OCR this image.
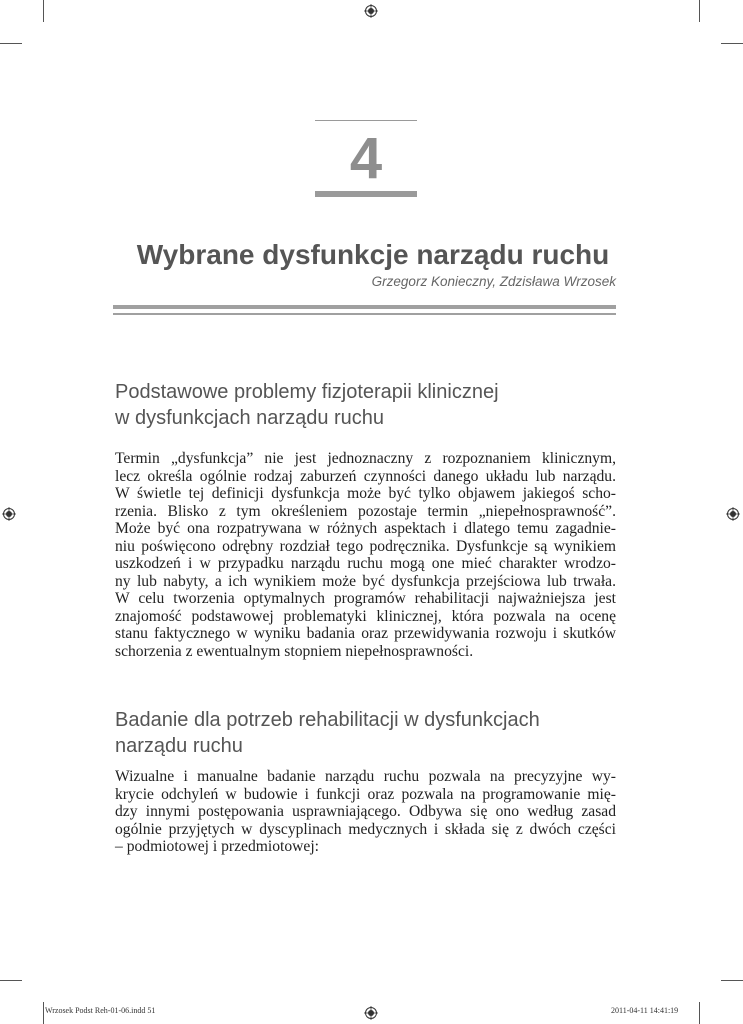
4
Wybrane dysfunkcje narządu ruchu
Grzegorz Konieczny, Zdzisława Wrzosek
Podstawowe problemy fizjoterapii klinicznej
w dysfunkcjach narządu ruchu
Termin „dysfunkcja” nie jest jednoznaczny z rozpoznaniem klinicznym,
lecz określa ogólnie rodzaj zaburzeń czynności danego układu lub narządu.
W świetle tej definicji dysfunkcja może być tylko objawem jakiegoś scho-
rzenia. Blisko z tym określeniem pozostaje termin „niepełnosprawność”.
Może być ona rozpatrywana w różnych aspektach i dlatego temu zagadnie-
niu poświęcono odrębny rozdział tego podręcznika. Dysfunkcje są wynikiem
uszkodzeń i w przypadku narządu ruchu mogą one mieć charakter wrodzo-
ny lub nabyty, a ich wynikiem może być dysfunkcja przejściowa lub trwała.
W celu tworzenia optymalnych programów rehabilitacji najważniejsza jest
znajomość podstawowej problematyki klinicznej, która pozwala na ocenę
stanu faktycznego w wyniku badania oraz przewidywania rozwoju i skutków
schorzenia z ewentualnym stopniem niepełnosprawności.
Badanie dla potrzeb rehabilitacji w dysfunkcjach
narządu ruchu
Wizualne i manualne badanie narządu ruchu pozwala na precyzyjne wy-
krycie odchyleń w budowie i funkcji oraz pozwala na programowanie mię-
dzy innymi postępowania usprawniającego. Odbywa się ono według zasad
ogólnie przyjętych w dyscyplinach medycznych i składa się z dwóch części
– podmiotowej i przedmiotowej:
Wrzosek Podst Reh-01-06.indd 51	2011-04-11 14:41:19
